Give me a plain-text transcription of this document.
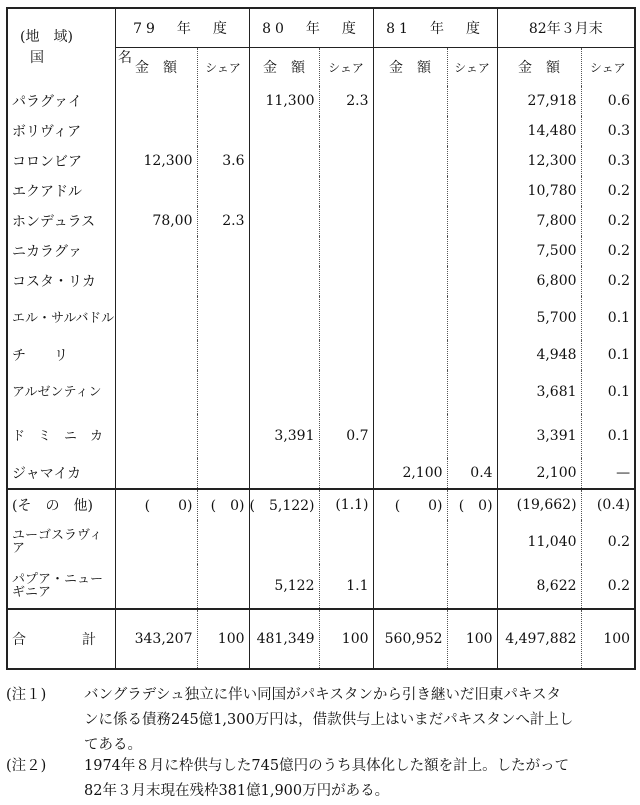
(地　域)
国　名	79　年　度		80　年　度		81　年　度		82年３月末	
	金　額	シェア	金　額	シェア	金　額	シェア	金　額	シェア
パラグァイ			11,300	2.3			27,918	0.6
ボリヴィア							14,480	0.3
コロンビア	12,300	3.6					12,300	0.3
エクアドル							10,780	0.2
ホンデュラス	78,00	2.3					7,800	0.2
ニカラグァ							7,500	0.2
コスタ・リカ							6,800	0.2
エル・サルバドル							5,700	0.1
チ　　リ							4,948	0.1
アルゼンティン							3,681	0.1
ド　ミ　ニ　カ			3,391	0.7			3,391	0.1
ジャマイカ					2,100	0.4	2,100	—
(そ　の　他)	(　　0)	(　0)	(　5,122)	(1.1)	(　　0)	(　0)	(19,662)	(0.4)
ユーゴスラヴィア							11,040	0.2
パプア・ニューギニア			5,122	1.1			8,622	0.2
合　　　　計	343,207	100	481,349	100	560,952	100	4,497,882	100
(注１)	バングラデシュ独立に伴い同国がパキスタンから引き継いだ旧東パキスタ
ンに係る債務245億1,300万円は，借款供与上はいまだパキスタンへ計上し
てある。
(注２)	1974年８月に枠供与した745億円のうち具体化した額を計上。したがって
82年３月末現在残枠381億1,900万円がある。
